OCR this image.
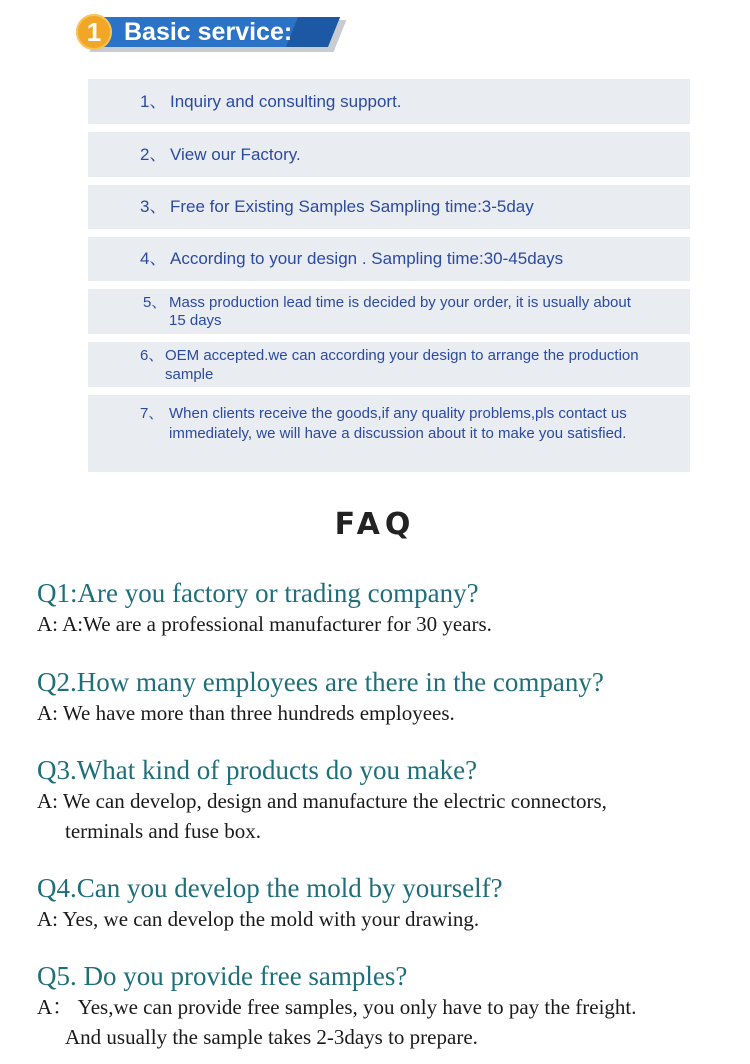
1 Basic service:
1、 Inquiry and consulting support.
2、 View our Factory.
3、 Free for Existing Samples Sampling time:3-5day
4、 According to your design . Sampling time:30-45days
5、 Mass production lead time is decided by your order, it is usually about 15 days
6、 OEM accepted.we can according your design to arrange the production sample
7、 When clients receive the goods,if any quality problems,pls contact us immediately, we will have a discussion about it to make you satisfied.
FAQ
Q1:Are you factory or trading company?
A: A:We are a professional manufacturer for 30 years.
Q2.How many employees are there in the company?
A: We have more than three hundreds employees.
Q3.What kind of products do you make?
A: We can develop, design and manufacture the electric connectors,
terminals and fuse box.
Q4.Can you develop the mold by yourself?
A: Yes, we can develop the mold with your drawing.
Q5. Do you provide free samples?
A： Yes,we can provide free samples, you only have to pay the freight.
And usually the sample takes 2-3days to prepare.
